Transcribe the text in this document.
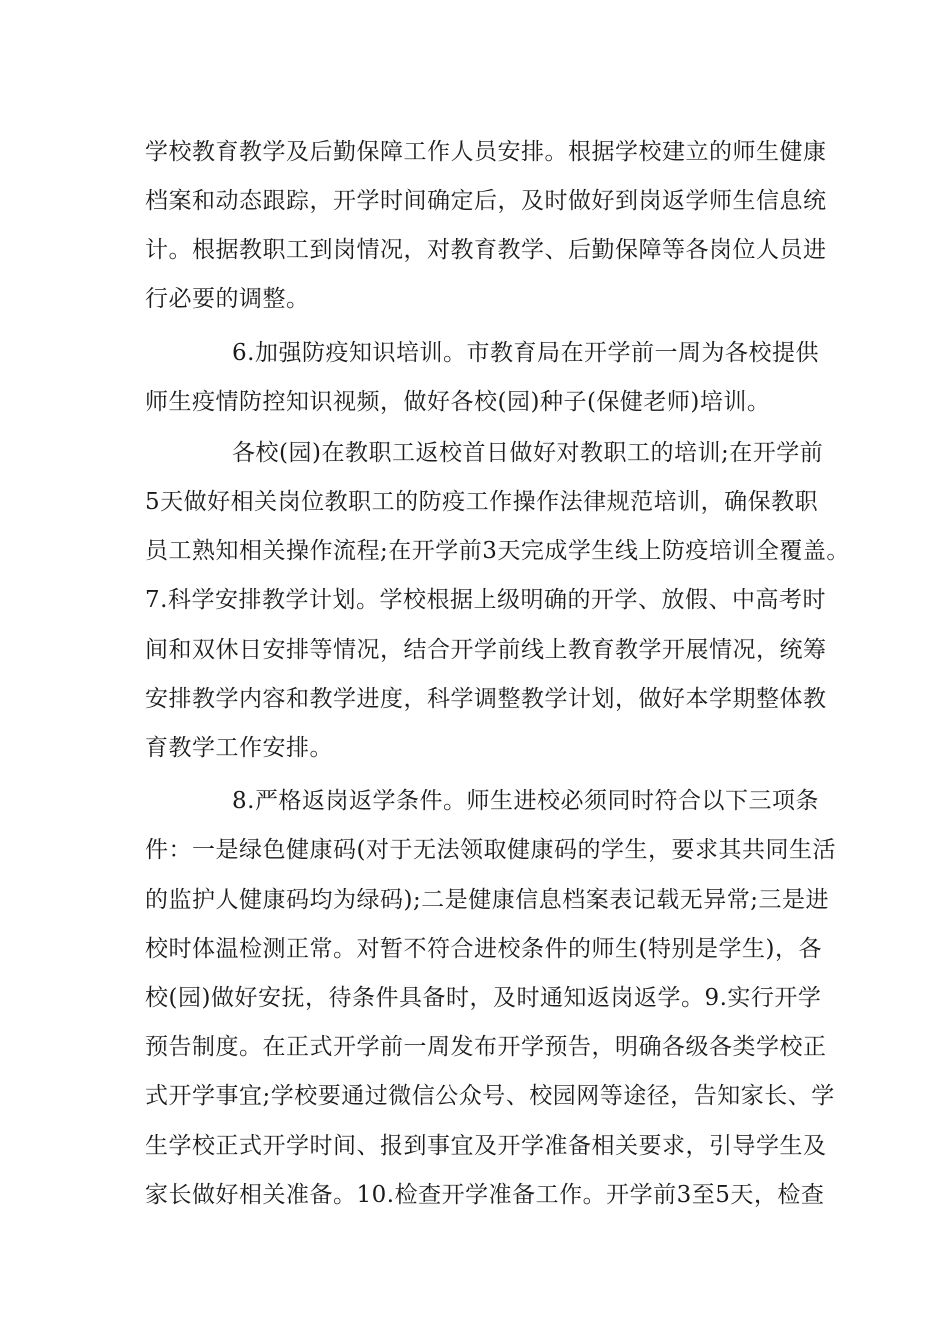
学校教育教学及后勤保障工作人员安排。根据学校建立的师生健康
档案和动态跟踪，开学时间确定后，及时做好到岗返学师生信息统
计。根据教职工到岗情况，对教育教学、后勤保障等各岗位人员进
行必要的调整。
6.加强防疫知识培训。市教育局在开学前一周为各校提供
师生疫情防控知识视频，做好各校(园)种子(保健老师)培训。
各校(园)在教职工返校首日做好对教职工的培训;在开学前
5天做好相关岗位教职工的防疫工作操作法律规范培训，确保教职
员工熟知相关操作流程;在开学前3天完成学生线上防疫培训全覆盖。
7.科学安排教学计划。学校根据上级明确的开学、放假、中高考时
间和双休日安排等情况，结合开学前线上教育教学开展情况，统筹
安排教学内容和教学进度，科学调整教学计划，做好本学期整体教
育教学工作安排。
8.严格返岗返学条件。师生进校必须同时符合以下三项条
件：一是绿色健康码(对于无法领取健康码的学生，要求其共同生活
的监护人健康码均为绿码);二是健康信息档案表记载无异常;三是进
校时体温检测正常。对暂不符合进校条件的师生(特别是学生)，各
校(园)做好安抚，待条件具备时，及时通知返岗返学。9.实行开学
预告制度。在正式开学前一周发布开学预告，明确各级各类学校正
式开学事宜;学校要通过微信公众号、校园网等途径，告知家长、学
生学校正式开学时间、报到事宜及开学准备相关要求，引导学生及
家长做好相关准备。10.检查开学准备工作。开学前3至5天，检查
